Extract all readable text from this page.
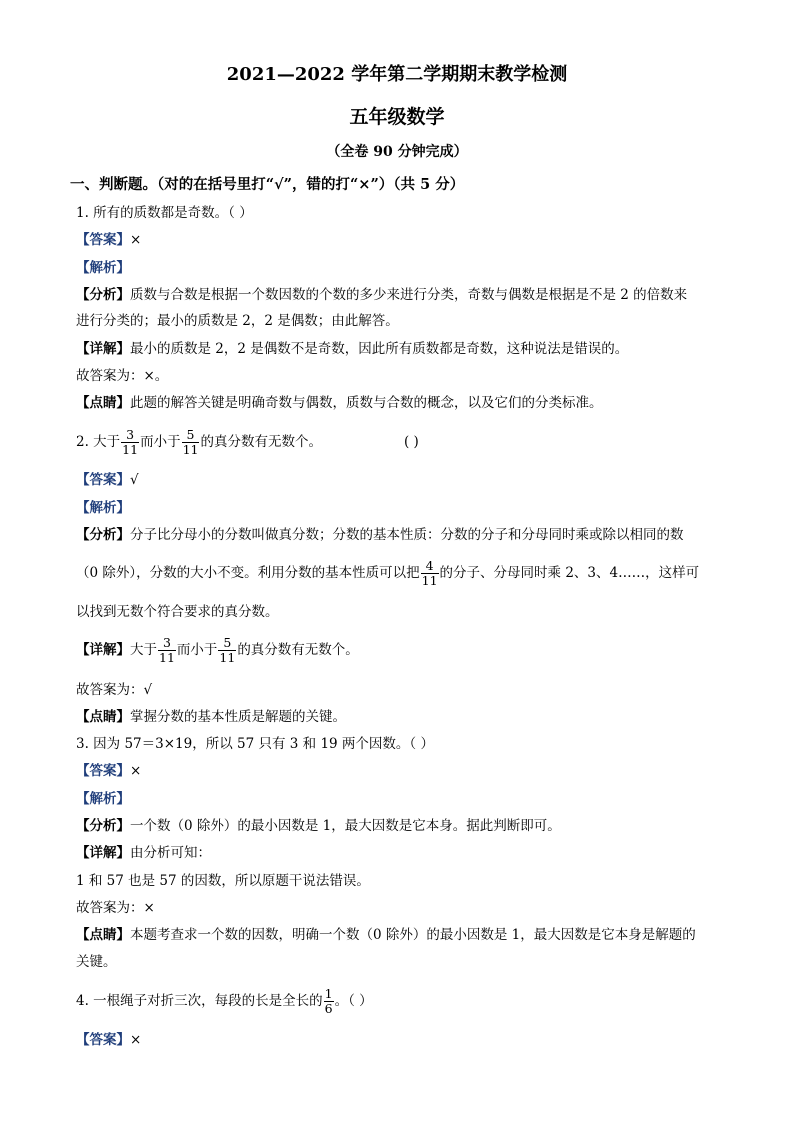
2021—2022 学年第二学期期末教学检测
五年级数学
（全卷 90 分钟完成）
一、判断题。（对的在括号里打“√”，错的打“×”）（共 5 分）
1. 所有的质数都是奇数。（ ）
【答案】×
【解析】
【分析】质数与合数是根据一个数因数的个数的多少来进行分类，奇数与偶数是根据是不是 2 的倍数来
进行分类的；最小的质数是 2，2 是偶数；由此解答。
【详解】最小的质数是 2，2 是偶数不是奇数，因此所有质数都是奇数，这种说法是错误的。
故答案为：×。
【点睛】此题的解答关键是明确奇数与偶数，质数与合数的概念，以及它们的分类标准。
2. 大于 $\frac{3}{11}$ 而小于 $\frac{5}{11}$ 的真分数有无数个。	( )
【答案】√
【解析】
【分析】分子比分母小的分数叫做真分数；分数的基本性质：分数的分子和分母同时乘或除以相同的数
（0 除外），分数的大小不变。利用分数的基本性质可以把 $\frac{4}{11}$ 的分子、分母同时乘 2、3、4……，这样可
以找到无数个符合要求的真分数。
【详解】大于 $\frac{3}{11}$ 而小于 $\frac{5}{11}$ 的真分数有无数个。
故答案为：√
【点睛】掌握分数的基本性质是解题的关键。
3. 因为 57＝3×19，所以 57 只有 3 和 19 两个因数。（ ）
【答案】×
【解析】
【分析】一个数（0 除外）的最小因数是 1，最大因数是它本身。据此判断即可。
【详解】由分析可知：
1 和 57 也是 57 的因数，所以原题干说法错误。
故答案为：×
【点睛】本题考查求一个数的因数，明确一个数（0 除外）的最小因数是 1，最大因数是它本身是解题的
关键。
4. 一根绳子对折三次，每段的长是全长的 $\frac{1}{6}$ 。（ ）
【答案】×
